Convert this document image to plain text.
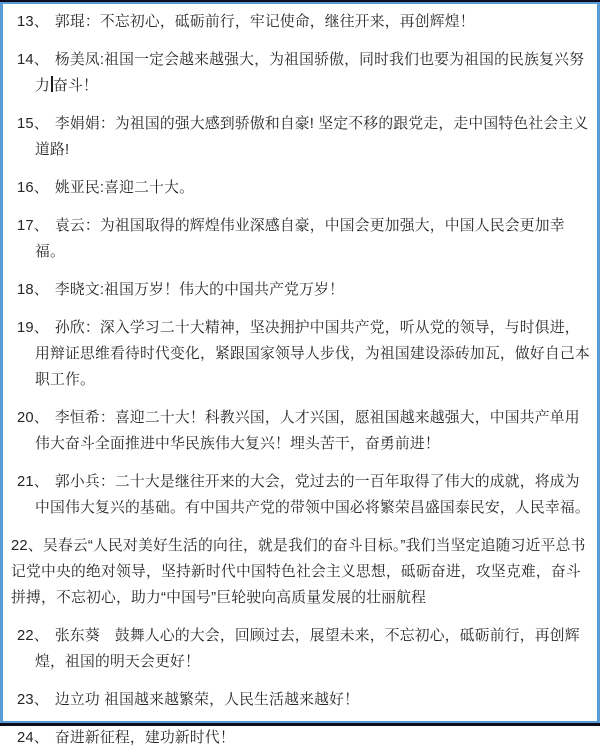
13、 郭琨：不忘初心，砥砺前行，牢记使命，继往开来，再创辉煌！

14、 杨美凤:祖国一定会越来越强大，为祖国骄傲，同时我们也要为祖国的民族复兴努力 奋斗！

15、 李娟娟：为祖国的强大感到骄傲和自豪! 坚定不移的跟党走，走中国特色社会主义道路!

16、 姚亚民:喜迎二十大。

17、 袁云：为祖国取得的辉煌伟业深感自豪，中国会更加强大，中国人民会更加幸福。

18、 李晓文:祖国万岁！伟大的中国共产党万岁！

19、 孙欣：深入学习二十大精神，坚决拥护中国共产党，听从党的领导，与时俱进，用辩证思维看待时代变化，紧跟国家领导人步伐，为祖国建设添砖加瓦，做好自己本职工作。

20、 李恒希：喜迎二十大！科教兴国，人才兴国，愿祖国越来越强大，中国共产单用伟大奋斗全面推进中华民族伟大复兴！埋头苦干，奋勇前进！

21、 郭小兵：二十大是继往开来的大会，党过去的一百年取得了伟大的成就，将成为中国伟大复兴的基础。有中国共产党的带领中国必将繁荣昌盛国泰民安，人民幸福。

22、吴春云“人民对美好生活的向往，就是我们的奋斗目标。”我们当坚定追随习近平总书记党中央的绝对领导，坚持新时代中国特色社会主义思想，砥砺奋进，攻坚克难，奋斗拼搏，不忘初心，助力“中国号”巨轮驶向高质量发展的壮丽航程

22、 张东葵　鼓舞人心的大会，回顾过去，展望未来，不忘初心，砥砺前行，再创辉煌，祖国的明天会更好！

23、 边立功 祖国越来越繁荣，人民生活越来越好！

24、 奋进新征程，建功新时代！
